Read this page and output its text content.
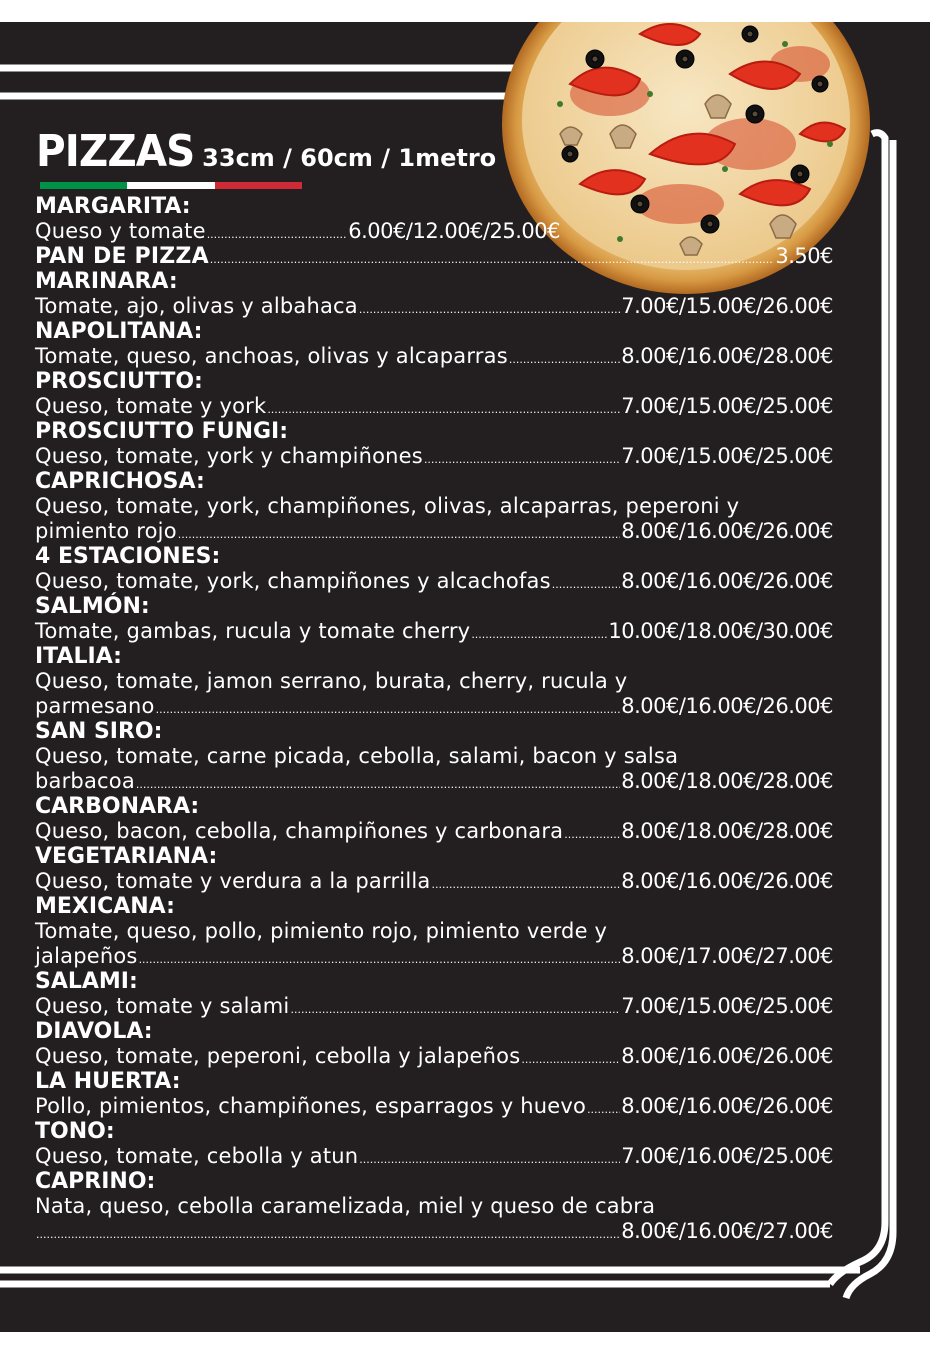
PIZZAS 33cm / 60cm / 1metro
MARGARITA:
Queso y tomate .....	6.00€/12.00€/25.00€
PAN DE PIZZA .....	3.50€
MARINARA:
Tomate, ajo, olivas y albahaca .....	7.00€/15.00€/26.00€
NAPOLITANA:
Tomate, queso, anchoas, olivas y alcaparras .....	8.00€/16.00€/28.00€
PROSCIUTTO:
Queso, tomate y york .....	7.00€/15.00€/25.00€
PROSCIUTTO FUNGI:
Queso, tomate, york y champiñones .....	7.00€/15.00€/25.00€
CAPRICHOSA:
Queso, tomate, york, champiñones, olivas, alcaparras, peperoni y
pimiento rojo .....	8.00€/16.00€/26.00€
4 ESTACIONES:
Queso, tomate, york, champiñones y alcachofas .....	8.00€/16.00€/26.00€
SALMÓN:
Tomate, gambas, rucula y tomate cherry .....	10.00€/18.00€/30.00€
ITALIA:
Queso, tomate, jamon serrano, burata, cherry, rucula y
parmesano .....	8.00€/16.00€/26.00€
SAN SIRO:
Queso, tomate, carne picada, cebolla, salami, bacon y salsa
barbacoa .....	8.00€/18.00€/28.00€
CARBONARA:
Queso, bacon, cebolla, champiñones y carbonara .....	8.00€/18.00€/28.00€
VEGETARIANA:
Queso, tomate y verdura a la parrilla .....	8.00€/16.00€/26.00€
MEXICANA:
Tomate, queso, pollo, pimiento rojo, pimiento verde y
jalapeños .....	8.00€/17.00€/27.00€
SALAMI:
Queso, tomate y salami .....	7.00€/15.00€/25.00€
DIAVOLA:
Queso, tomate, peperoni, cebolla y jalapeños .....	8.00€/16.00€/26.00€
LA HUERTA:
Pollo, pimientos, champiñones, esparragos y huevo ..... 8.00€/16.00€/26.00€
TONO:
Queso, tomate, cebolla y atun .....	7.00€/16.00€/25.00€
CAPRINO:
Nata, queso, cebolla caramelizada, miel y queso de cabra
.....
8.00€/16.00€/27.00€
